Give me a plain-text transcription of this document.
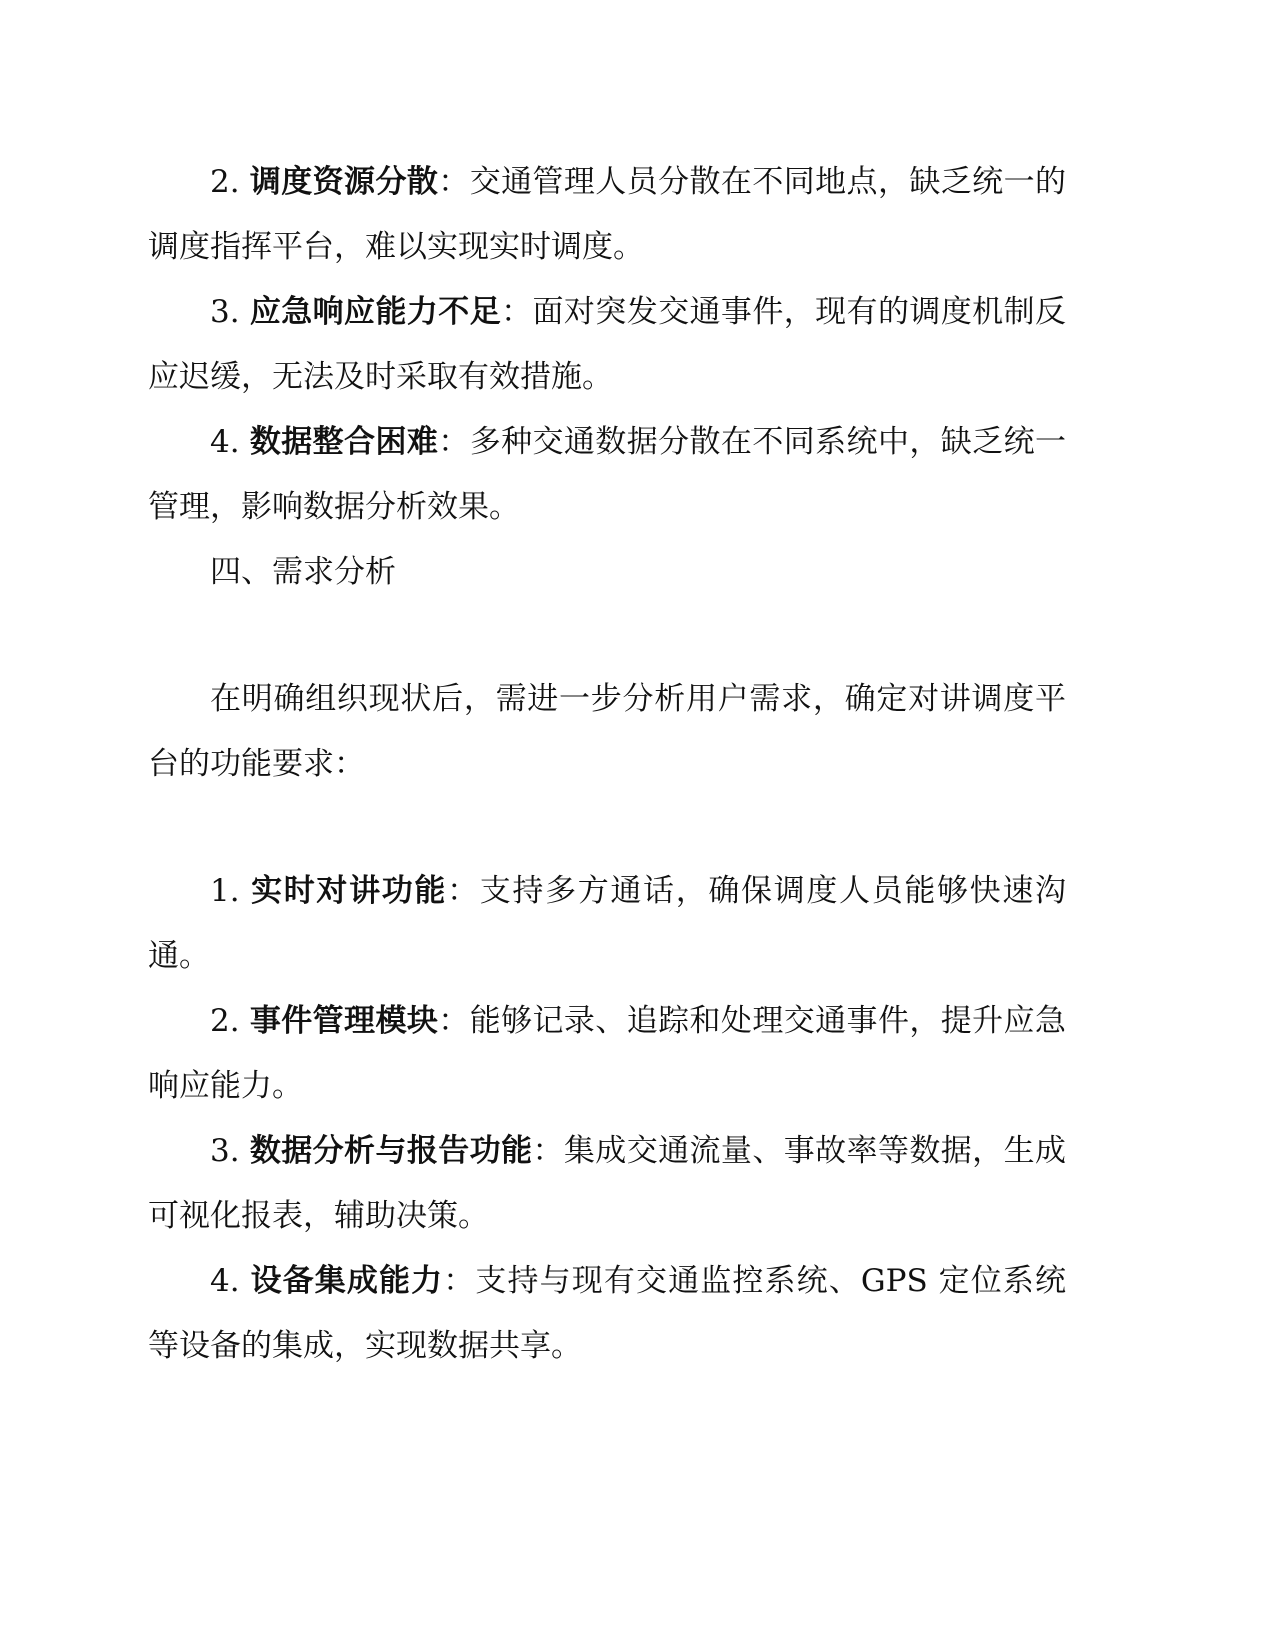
2. 调度资源分散：交通管理人员分散在不同地点，缺乏统一的调度指挥平台，难以实现实时调度。

3. 应急响应能力不足：面对突发交通事件，现有的调度机制反应迟缓，无法及时采取有效措施。

4. 数据整合困难：多种交通数据分散在不同系统中，缺乏统一管理，影响数据分析效果。

四、需求分析

在明确组织现状后，需进一步分析用户需求，确定对讲调度平台的功能要求：

1. 实时对讲功能：支持多方通话，确保调度人员能够快速沟通。

2. 事件管理模块：能够记录、追踪和处理交通事件，提升应急响应能力。

3. 数据分析与报告功能：集成交通流量、事故率等数据，生成可视化报表，辅助决策。

4. 设备集成能力：支持与现有交通监控系统、GPS 定位系统等设备的集成，实现数据共享。
